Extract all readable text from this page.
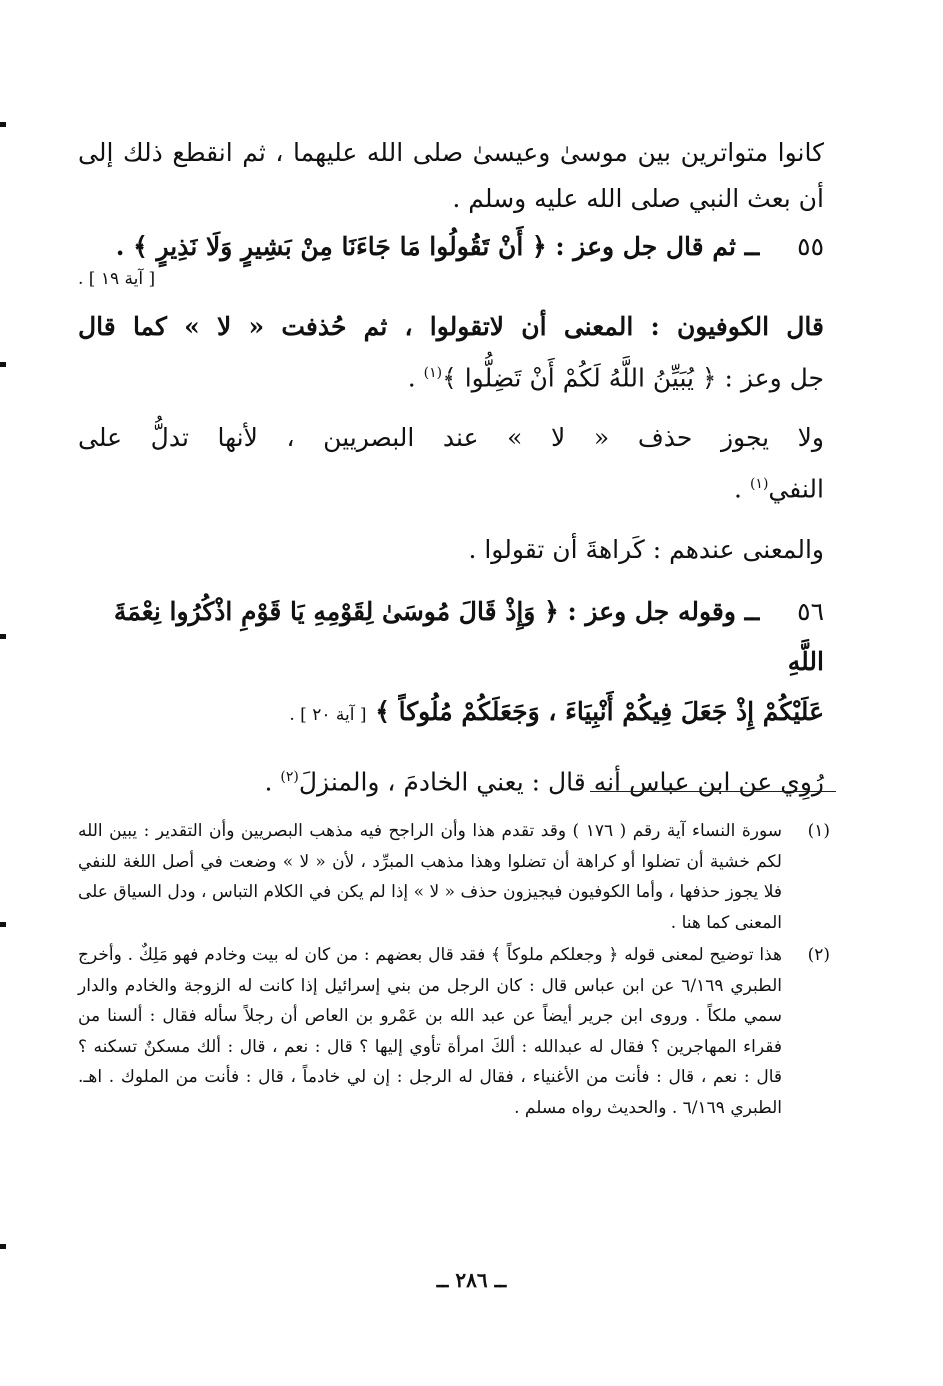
كانوا متواترين بين موسىٰ وعيسىٰ صلى الله عليهما ، ثم انقطع ذلك إلى

أن بعث النبي صلى الله عليه وسلم .

٥٥ ــ ثم قال جل وعز : ﴿ أَنْ تَقُولُوا مَا جَاءَنَا مِنْ بَشِيرٍ وَلَا نَذِيرٍ ﴾ .

[ آية ١٩ ] .

قال الكوفيون : المعنى أن لاتقولوا ، ثم حُذفت « لا » كما قال

جل وعز : ﴿ يُبَيِّنُ اللَّهُ لَكُمْ أَنْ تَضِلُّوا ﴾$^{(١)}$ .

ولا يجوز حذف « لا » عند البصريين ، لأنها تدلُّ على

النفي$^{(١)}$ .

والمعنى عندهم : كَراهةَ أن تقولوا .

٥٦ ــ وقوله جل وعز : ﴿ وَإِذْ قَالَ مُوسَىٰ لِقَوْمِهِ يَا قَوْمِ اذْكُرُوا نِعْمَةَ اللَّهِ

عَلَيْكُمْ إِذْ جَعَلَ فِيكُمْ أَنْبِيَاءَ ، وَجَعَلَكُمْ مُلُوكاً ﴾ [ آية ٢٠ ] .

رُوِي عن ابن عباس أنه قال : يعني الخادمَ ، والمنزلَ$^{(٢)}$ .

(١)
سورة النساء آية رقم ( ١٧٦ ) وقد تقدم هذا وأن الراجح فيه مذهب البصريين وأن التقدير : يبين الله لكم خشية أن تضلوا أو كراهة أن تضلوا وهذا مذهب المبرِّد ، لأن « لا » وضعت في أصل اللغة للنفي فلا يجوز حذفها ، وأما الكوفيون فيجيزون حذف « لا » إذا لم يكن في الكلام التباس ، ودل السياق على المعنى كما هنا .
(٢)
هذا توضيح لمعنى قوله ﴿ وجعلكم ملوكاً ﴾ فقد قال بعضهم : من كان له بيت وخادم فهو مَلِكٌ . وأخرج الطبري ٦/١٦٩ عن ابن عباس قال : كان الرجل من بني إسرائيل إذا كانت له الزوجة والخادم والدار سمي ملكاً . وروى ابن جرير أيضاً عن عبد الله بن عَمْرو بن العاص أن رجلاً سأله فقال : ألسنا من فقراء المهاجرين ؟ فقال له عبدالله : ألكَ امرأة تأوي إليها ؟ قال : نعم ، قال : ألك مسكنٌ تسكنه ؟ قال : نعم ، قال : فأنت من الأغنياء ، فقال له الرجل : إن لي خادماً ، قال : فأنت من الملوك . اهـ. الطبري ٦/١٦٩ . والحديث رواه مسلم .
ــ ٢٨٦ ــ
